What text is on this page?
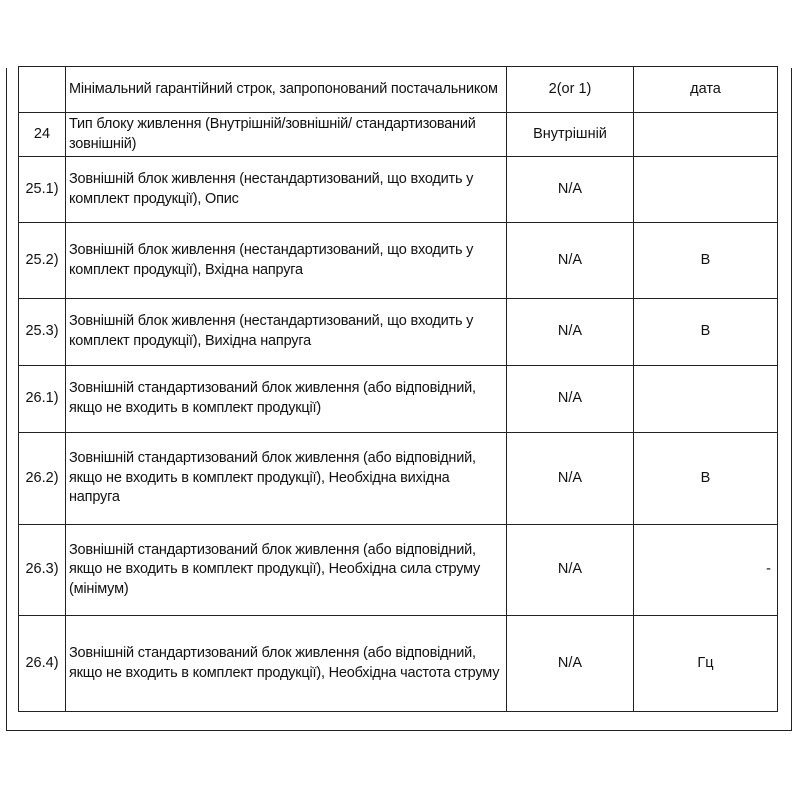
	Мінімальний гарантійний строк, запропонований постачальником	2(or 1)	дата
24	Тип блоку живлення (Внутрішній/зовнішній/ стандартизований зовнішній)	Внутрішній	
25.1)	Зовнішній блок живлення (нестандартизований, що входить у комплект продукції), Опис	N/A	
25.2)	Зовнішній блок живлення (нестандартизований, що входить у комплект продукції), Вхідна напруга	N/A	В
25.3)	Зовнішній блок живлення (нестандартизований, що входить у комплект продукції), Вихідна напруга	N/A	В
26.1)	Зовнішній стандартизований блок живлення (або відповідний, якщо не входить в комплект продукції)	N/A	
26.2)	Зовнішній стандартизований блок живлення (або відповідний, якщо не входить в комплект продукції), Необхідна вихідна напруга	N/A	В
26.3)	Зовнішній стандартизований блок живлення (або відповідний, якщо не входить в комплект продукції), Необхідна сила струму (мінімум)	N/A	-
26.4)	Зовнішній стандартизований блок живлення (або відповідний, якщо не входить в комплект продукції), Необхідна частота струму	N/A	Гц
